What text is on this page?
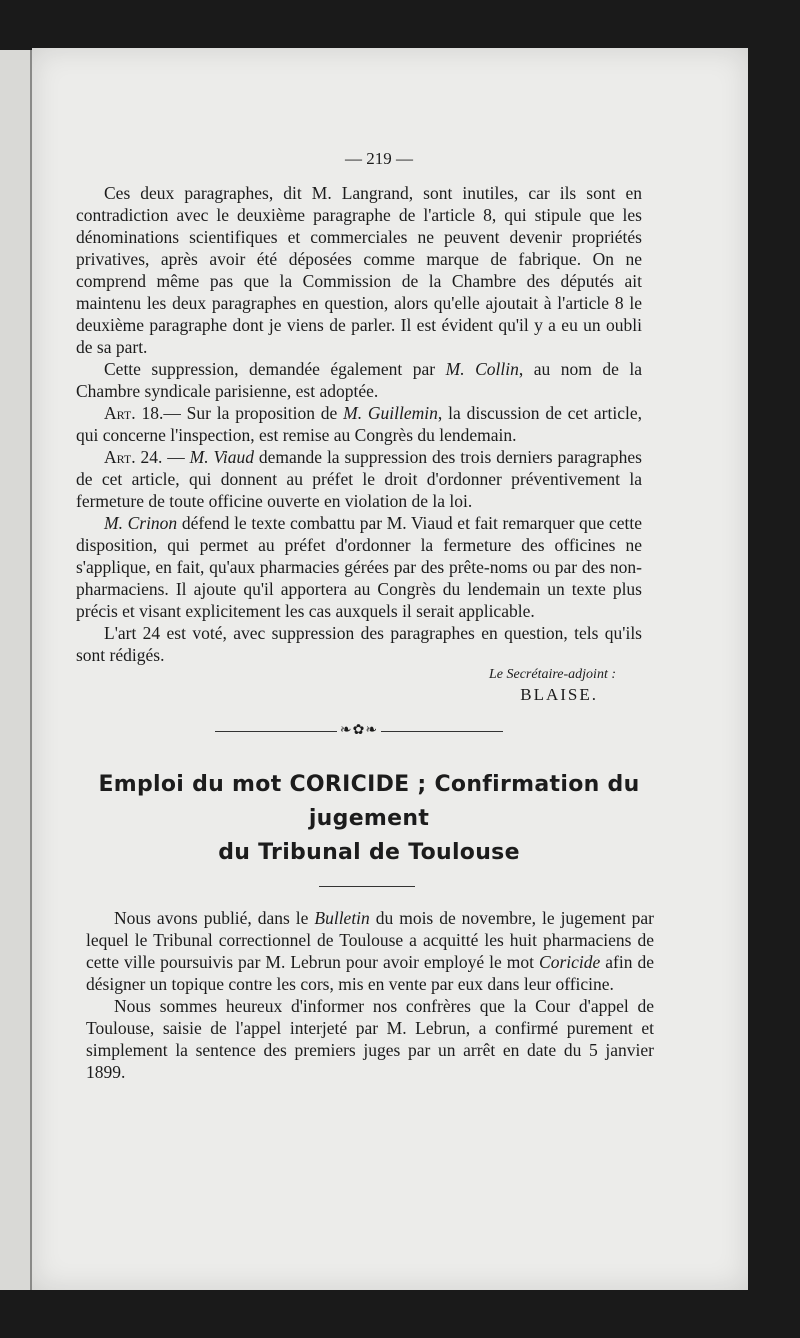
— 219 —

Ces deux paragraphes, dit M. Langrand, sont inutiles, car ils sont en contradiction avec le deuxième paragraphe de l'article 8, qui stipule que les dénominations scientifiques et commerciales ne peuvent devenir propriétés privatives, après avoir été déposées comme marque de fabrique. On ne comprend même pas que la Commission de la Chambre des députés ait maintenu les deux paragraphes en question, alors qu'elle ajoutait à l'article 8 le deuxième paragraphe dont je viens de parler. Il est évident qu'il y a eu un oubli de sa part.

Cette suppression, demandée également par M. Collin, au nom de la Chambre syndicale parisienne, est adoptée.

Art. 18.— Sur la proposition de M. Guillemin, la discussion de cet article, qui concerne l'inspection, est remise au Congrès du lendemain.

Art. 24. — M. Viaud demande la suppression des trois derniers paragraphes de cet article, qui donnent au préfet le droit d'ordonner préventivement la fermeture de toute officine ouverte en violation de la loi.

M. Crinon défend le texte combattu par M. Viaud et fait remarquer que cette disposition, qui permet au préfet d'ordonner la fermeture des officines ne s'applique, en fait, qu'aux pharmacies gérées par des prête-noms ou par des non-pharmaciens. Il ajoute qu'il apportera au Congrès du lendemain un texte plus précis et visant explicitement les cas auxquels il serait applicable.

L'art 24 est voté, avec suppression des paragraphes en question, tels qu'ils sont rédigés.

Le Secrétaire-adjoint :
BLAISE.
❧✿❧
Emploi du mot CORICIDE ; Confirmation du jugement
du Tribunal de Toulouse

Nous avons publié, dans le Bulletin du mois de novembre, le jugement par lequel le Tribunal correctionnel de Toulouse a acquitté les huit pharmaciens de cette ville poursuivis par M. Lebrun pour avoir employé le mot Coricide afin de désigner un topique contre les cors, mis en vente par eux dans leur officine.

Nous sommes heureux d'informer nos confrères que la Cour d'appel de Toulouse, saisie de l'appel interjeté par M. Lebrun, a confirmé purement et simplement la sentence des premiers juges par un arrêt en date du 5 janvier 1899.
